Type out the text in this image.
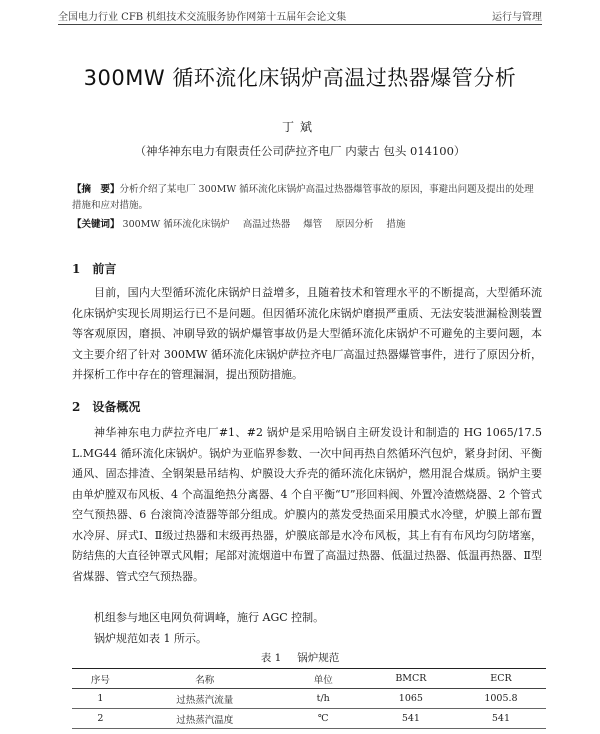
全国电力行业 CFB 机组技术交流服务协作网第十五届年会论文集	运行与管理
300MW 循环流化床锅炉高温过热器爆管分析
丁斌
（神华神东电力有限责任公司萨拉齐电厂 内蒙古 包头 014100）
【摘　要】分析介绍了某电厂 300MW 循环流化床锅炉高温过热器爆管事故的原因，事避出问题及提出的处理措施和应对措施。
【关键词】 300MW 循环流化床锅炉 高温过热器 爆管 原因分析 措施
1 前言

目前，国内大型循环流化床锅炉日益增多，且随着技术和管理水平的不断提高，大型循环流化床锅炉实现长周期运行已不是问题。但因循环流化床锅炉磨损严重质、无法安装泄漏检测装置等客观原因，磨损、冲刷导致的锅炉爆管事故仍是大型循环流化床锅炉不可避免的主要问题，本文主要介绍了针对 300MW 循环流化床锅炉萨拉齐电厂高温过热器爆管事件，进行了原因分析，并探析工作中存在的管理漏洞，提出预防措施。

2 设备概况

神华神东电力萨拉齐电厂#1、#2 锅炉是采用哈锅自主研发设计和制造的 HG 1065/17.5 L.MG44 循环流化床锅炉。锅炉为亚临界参数、一次中间再热自然循环汽包炉，紧身封闭、平衡通风、固态排渣、全钢架悬吊结构、炉膜设大乔壳的循环流化床锅炉，燃用混合煤质。锅炉主要由单炉膛双布风板、4 个高温绝热分离器、4 个自平衡“U”形回料阀、外置冷渣燃烧器、2 个管式空气预热器、6 台滚筒冷渣器等部分组成。炉膜内的蒸发受热面采用膜式水冷壁，炉膜上部布置水冷屏、屏式Ⅰ、Ⅱ级过热器和末级再热器，炉膜底部是水冷布风板，其上有有布风均匀防堵塞，防结焦的大直径钟罩式风帽；尾部对流烟道中布置了高温过热器、低温过热器、低温再热器、Ⅱ型省煤器、管式空气预热器。

机组参与地区电网负荷调峰，施行 AGC 控制。

锅炉规范如表 1 所示。

表 1 锅炉规范
序号	名称	单位	BMCR	ECR
1	过热蒸汽流量	t/h	1065	1005.8
2	过热蒸汽温度	℃	541	541
